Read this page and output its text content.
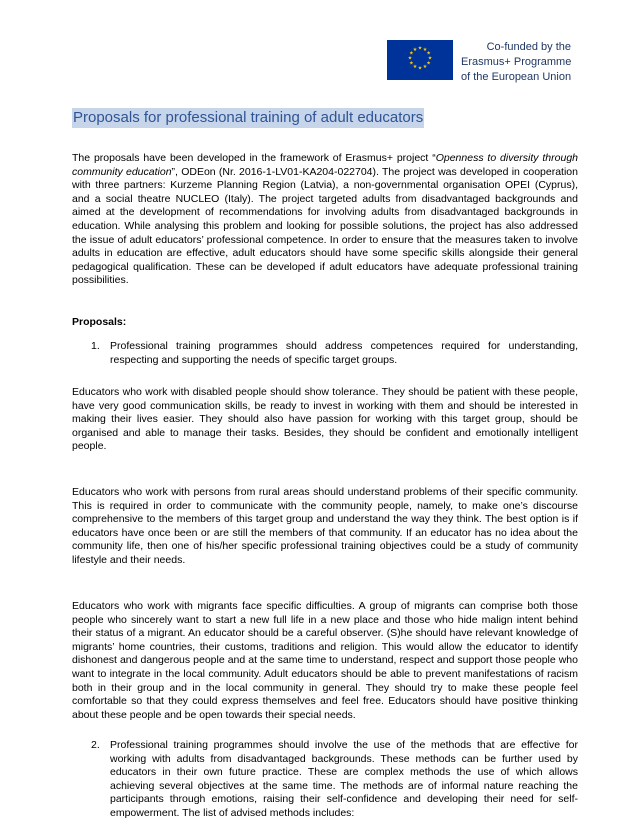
★ ★
★
★
★
★
★
★
★
★
★
★	Co-funded by the
Erasmus+ Programme
of the European Union
Proposals for professional training of adult educators
The proposals have been developed in the framework of Erasmus+ project “Openness to diversity through community education”, ODEon (Nr. 2016-1-LV01-KA204-022704). The project was developed in cooperation with three partners: Kurzeme Planning Region (Latvia), a non-governmental organisation OPEI (Cyprus), and a social theatre NUCLEO (Italy). The project targeted adults from disadvantaged backgrounds and aimed at the development of recommendations for involving adults from disadvantaged backgrounds in education. While analysing this problem and looking for possible solutions, the project has also addressed the issue of adult educators’ professional competence. In order to ensure that the measures taken to involve adults in education are effective, adult educators should have some specific skills alongside their general pedagogical qualification. These can be developed if adult educators have adequate professional training possibilities.
Proposals:
1. Professional training programmes should address competences required for understanding, respecting and supporting the needs of specific target groups.
Educators who work with disabled people should show tolerance. They should be patient with these people, have very good communication skills, be ready to invest in working with them and should be interested in making their lives easier. They should also have passion for working with this target group, should be organised and able to manage their tasks. Besides, they should be confident and emotionally intelligent people.
Educators who work with persons from rural areas should understand problems of their specific community. This is required in order to communicate with the community people, namely, to make one’s discourse comprehensive to the members of this target group and understand the way they think. The best option is if educators have once been or are still the members of that community. If an educator has no idea about the community life, then one of his/her specific professional training objectives could be a study of community lifestyle and their needs.
Educators who work with migrants face specific difficulties. A group of migrants can comprise both those people who sincerely want to start a new full life in a new place and those who hide malign intent behind their status of a migrant. An educator should be a careful observer. (S)he should have relevant knowledge of migrants’ home countries, their customs, traditions and religion. This would allow the educator to identify dishonest and dangerous people and at the same time to understand, respect and support those people who want to integrate in the local community. Adult educators should be able to prevent manifestations of racism both in their group and in the local community in general. They should try to make these people feel comfortable so that they could express themselves and feel free. Educators should have positive thinking about these people and be open towards their special needs.
2. Professional training programmes should involve the use of the methods that are effective for working with adults from disadvantaged backgrounds. These methods can be further used by educators in their own future practice. These are complex methods the use of which allows achieving several objectives at the same time. The methods are of informal nature reaching the participants through emotions, raising their self-confidence and developing their need for self-empowerment. The list of advised methods includes:
